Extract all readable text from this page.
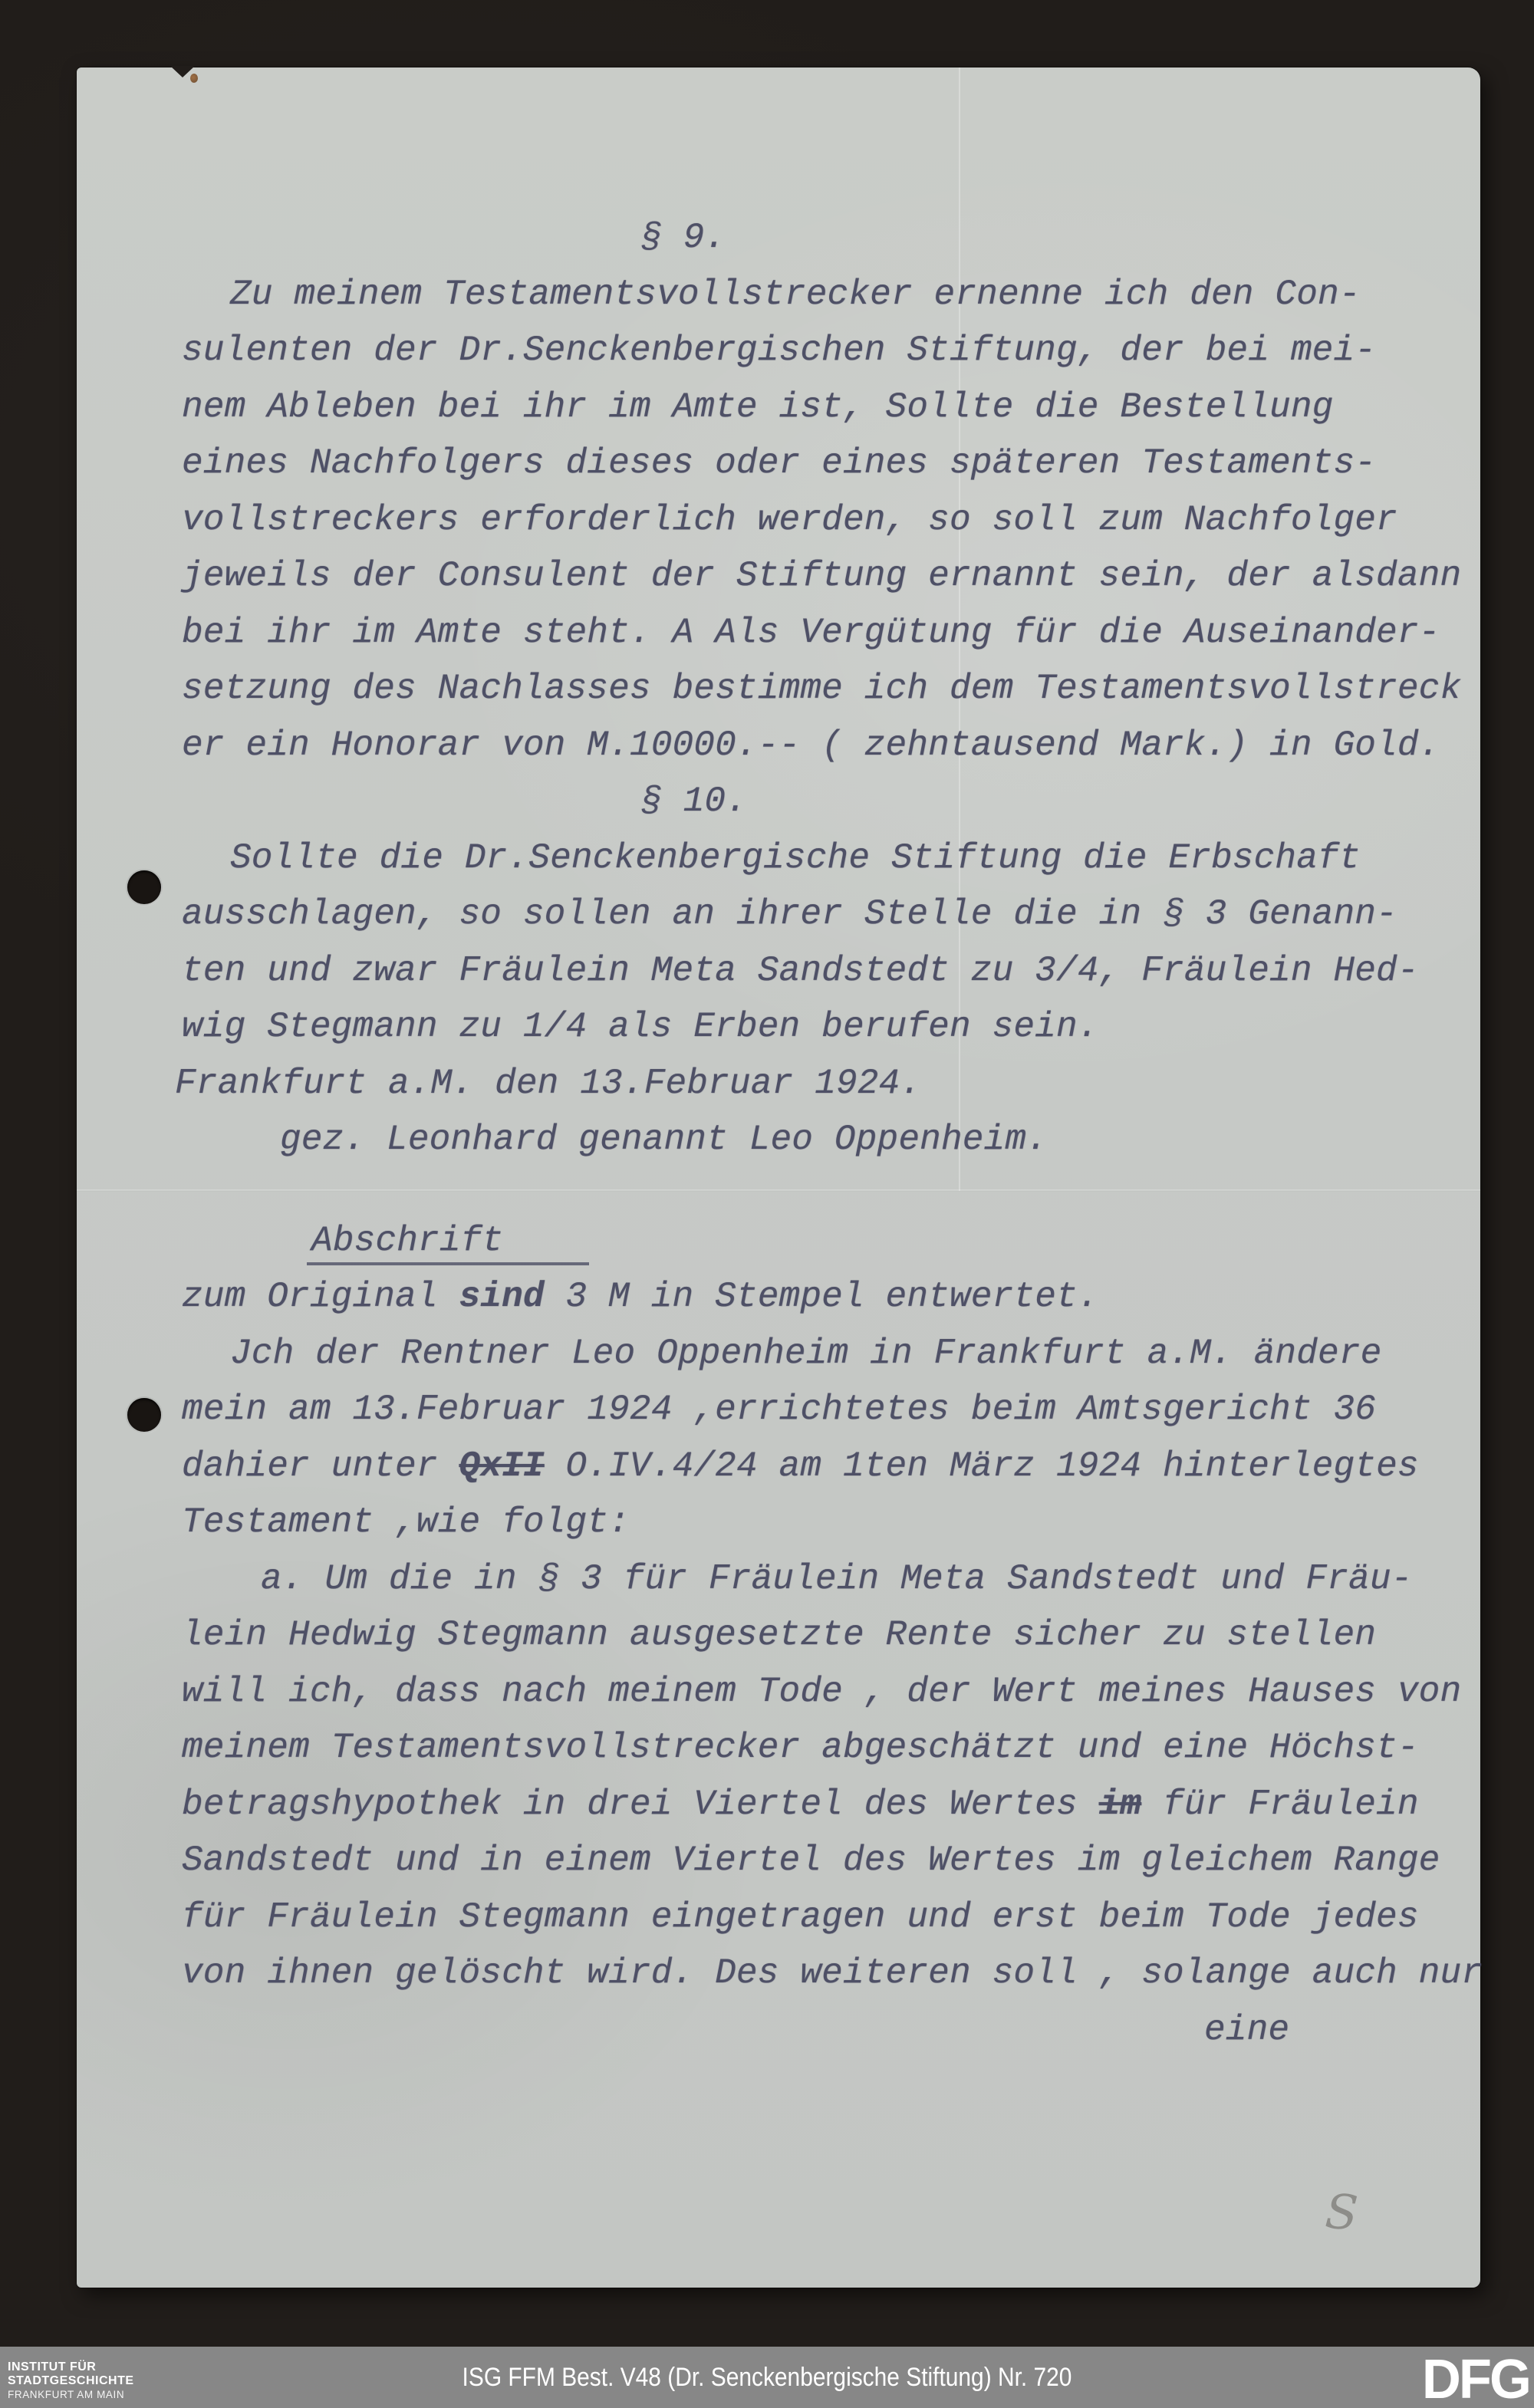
§ 9.
Zu meinem Testamentsvollstrecker ernenne ich den Con-
sulenten der Dr.Senckenbergischen Stiftung, der bei mei-
nem Ableben bei ihr im Amte ist, Sollte die Bestellung
eines Nachfolgers dieses oder eines späteren Testaments-
vollstreckers erforderlich werden, so soll zum Nachfolger
jeweils der Consulent der Stiftung ernannt sein, der alsdann
bei ihr im Amte steht. A Als Vergütung für die Auseinander-
setzung des Nachlasses bestimme ich dem Testamentsvollstreck
er ein Honorar von M.10000.-- ( zehntausend Mark.) in Gold.
§ 10.
Sollte die Dr.Senckenbergische Stiftung die Erbschaft
ausschlagen, so sollen an ihrer Stelle die in § 3 Genann-
ten und zwar Fräulein Meta Sandstedt zu 3/4, Fräulein Hed-
wig Stegmann zu 1/4 als Erben berufen sein.
Frankfurt a.M. den 13.Februar 1924.
gez. Leonhard genannt Leo Oppenheim.
Abschrift
zum Original sind 3 M in Stempel entwertet.
Jch der Rentner Leo Oppenheim in Frankfurt a.M. ändere
mein am 13.Februar 1924 ,errichtetes beim Amtsgericht 36
dahier unter QxII O.IV.4/24 am 1ten März 1924 hinterlegtes
Testament ,wie folgt:
a. Um die in § 3 für Fräulein Meta Sandstedt und Fräu-
lein Hedwig Stegmann ausgesetzte Rente sicher zu stellen
will ich, dass nach meinem Tode , der Wert meines Hauses von
meinem Testamentsvollstrecker abgeschätzt und eine Höchst-
betragshypothek in drei Viertel des Wertes im für Fräulein
Sandstedt und in einem Viertel des Wertes im gleichem Range
für Fräulein Stegmann eingetragen und erst beim Tode jedes
von ihnen gelöscht wird. Des weiteren soll , solange auch nur
eine
S
INSTITUT FÜR
STADTGESCHICHTE
FRANKFURT AM MAIN
ISG FFM Best. V48 (Dr. Senckenbergische Stiftung) Nr. 720	DFG
